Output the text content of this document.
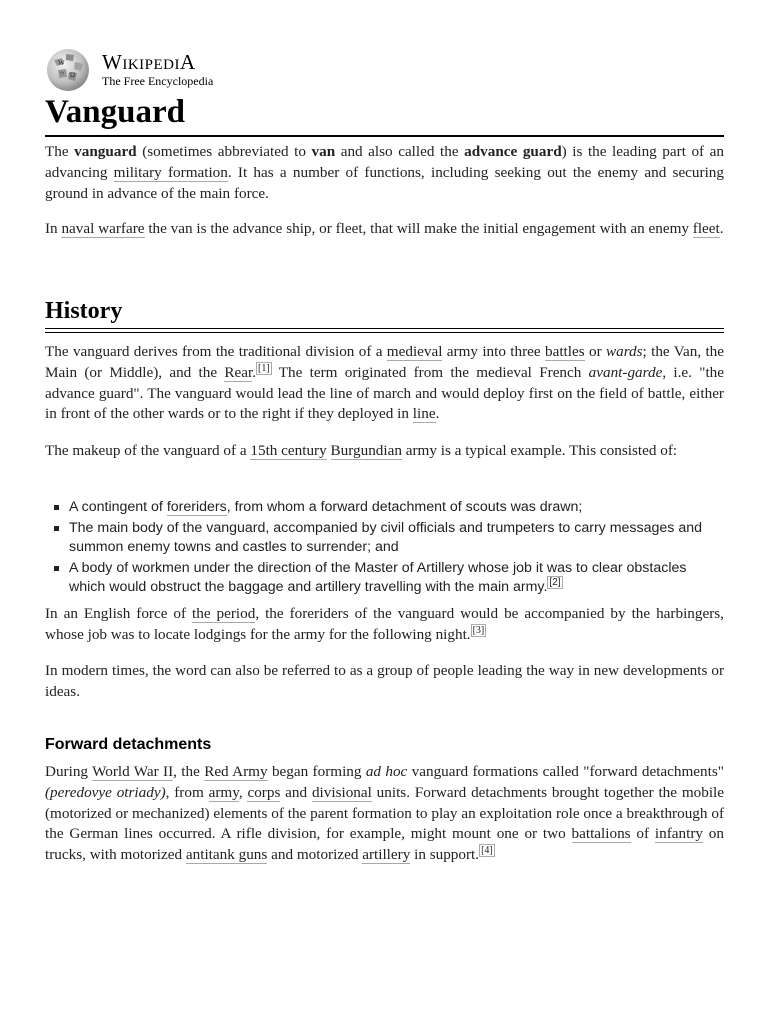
W
Ω
ウ
WIKIPEDIA
The Free Encyclopedia
Vanguard

The vanguard (sometimes abbreviated to van and also called the advance guard) is the leading part of an advancing military formation. It has a number of functions, including seeking out the enemy and securing ground in advance of the main force.

In naval warfare the van is the advance ship, or fleet, that will make the initial engagement with an enemy fleet.

History

The vanguard derives from the traditional division of a medieval army into three battles or wards; the Van, the Main (or Middle), and the Rear. [1] The term originated from the medieval French avant-garde, i.e. "the advance guard". The vanguard would lead the line of march and would deploy first on the field of battle, either in front of the other wards or to the right if they deployed in line.

The makeup of the vanguard of a 15th century Burgundian army is a typical example. This consisted of:

A contingent of foreriders, from whom a forward detachment of scouts was drawn;
The main body of the vanguard, accompanied by civil officials and trumpeters to carry messages and summon enemy towns and castles to surrender; and
A body of workmen under the direction of the Master of Artillery whose job it was to clear obstacles which would obstruct the baggage and artillery travelling with the main army. [2]

In an English force of the period, the foreriders of the vanguard would be accompanied by the harbingers, whose job was to locate lodgings for the army for the following night. [3]

In modern times, the word can also be referred to as a group of people leading the way in new developments or ideas.

Forward detachments

During World War II, the Red Army began forming ad hoc vanguard formations called "forward detachments" (peredovye otriady), from army, corps and divisional units. Forward detachments brought together the mobile (motorized or mechanized) elements of the parent formation to play an exploitation role once a breakthrough of the German lines occurred. A rifle division, for example, might mount one or two battalions of infantry on trucks, with motorized antitank guns and motorized artillery in support. [4]
